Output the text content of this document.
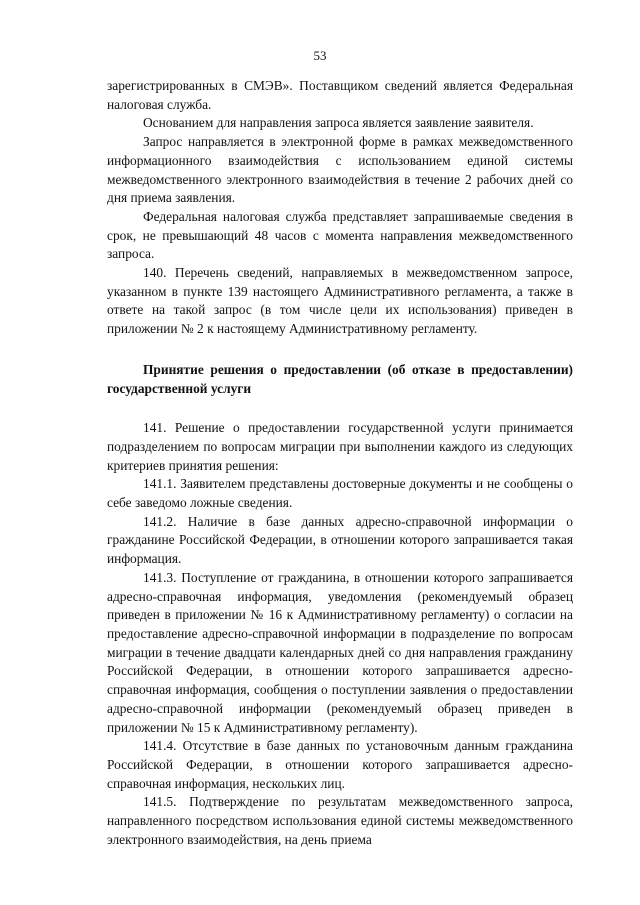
53

зарегистрированных в СМЭВ». Поставщиком сведений является Федеральная налоговая служба.

Основанием для направления запроса является заявление заявителя.

Запрос направляется в электронной форме в рамках межведомственного информационного взаимодействия с использованием единой системы межведомственного электронного взаимодействия в течение 2 рабочих дней со дня приема заявления.

Федеральная налоговая служба представляет запрашиваемые сведения в срок, не превышающий 48 часов с момента направления межведомственного запроса.

140. Перечень сведений, направляемых в межведомственном запросе, указанном в пункте 139 настоящего Административного регламента, а также в ответе на такой запрос (в том числе цели их использования) приведен в приложении № 2 к настоящему Административному регламенту.

Принятие решения о предоставлении (об отказе в предоставлении) государственной услуги

141. Решение о предоставлении государственной услуги принимается подразделением по вопросам миграции при выполнении каждого из следующих критериев принятия решения:

141.1. Заявителем представлены достоверные документы и не сообщены о себе заведомо ложные сведения.

141.2. Наличие в базе данных адресно-справочной информации о гражданине Российской Федерации, в отношении которого запрашивается такая информация.

141.3. Поступление от гражданина, в отношении которого запрашивается адресно-справочная информация, уведомления (рекомендуемый образец приведен в приложении № 16 к Административному регламенту) о согласии на предоставление адресно-справочной информации в подразделение по вопросам миграции в течение двадцати календарных дней со дня направления гражданину Российской Федерации, в отношении которого запрашивается адресно-справочная информация, сообщения о поступлении заявления о предоставлении адресно-справочной информации (рекомендуемый образец приведен в приложении № 15 к Административному регламенту).

141.4. Отсутствие в базе данных по установочным данным гражданина Российской Федерации, в отношении которого запрашивается адресно-справочная информация, нескольких лиц.

141.5. Подтверждение по результатам межведомственного запроса, направленного посредством использования единой системы межведомственного электронного взаимодействия, на день приема
